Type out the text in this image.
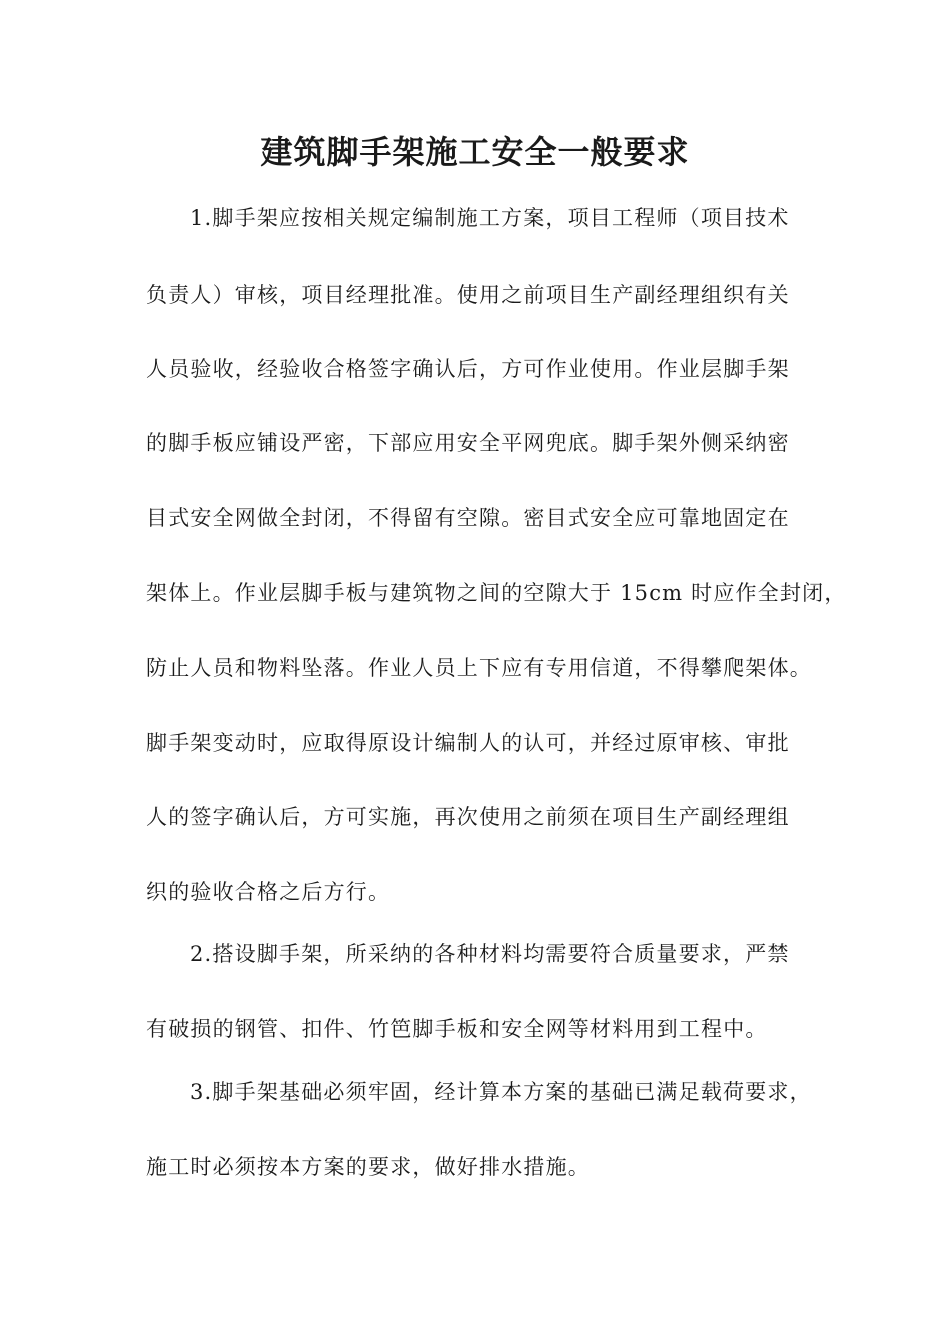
建筑脚手架施工安全一般要求

1.脚手架应按相关规定编制施工方案，项目工程师（项目技术

负责人）审核，项目经理批准。使用之前项目生产副经理组织有关

人员验收，经验收合格签字确认后，方可作业使用。作业层脚手架

的脚手板应铺设严密，下部应用安全平网兜底。脚手架外侧采纳密

目式安全网做全封闭，不得留有空隙。密目式安全应可靠地固定在

架体上。作业层脚手板与建筑物之间的空隙大于 15cm 时应作全封闭，

防止人员和物料坠落。作业人员上下应有专用信道，不得攀爬架体。

脚手架变动时，应取得原设计编制人的认可，并经过原审核、审批

人的签字确认后，方可实施，再次使用之前须在项目生产副经理组

织的验收合格之后方行。

2.搭设脚手架，所采纳的各种材料均需要符合质量要求，严禁

有破损的钢管、扣件、竹笆脚手板和安全网等材料用到工程中。

3.脚手架基础必须牢固，经计算本方案的基础已满足载荷要求，

施工时必须按本方案的要求，做好排水措施。
